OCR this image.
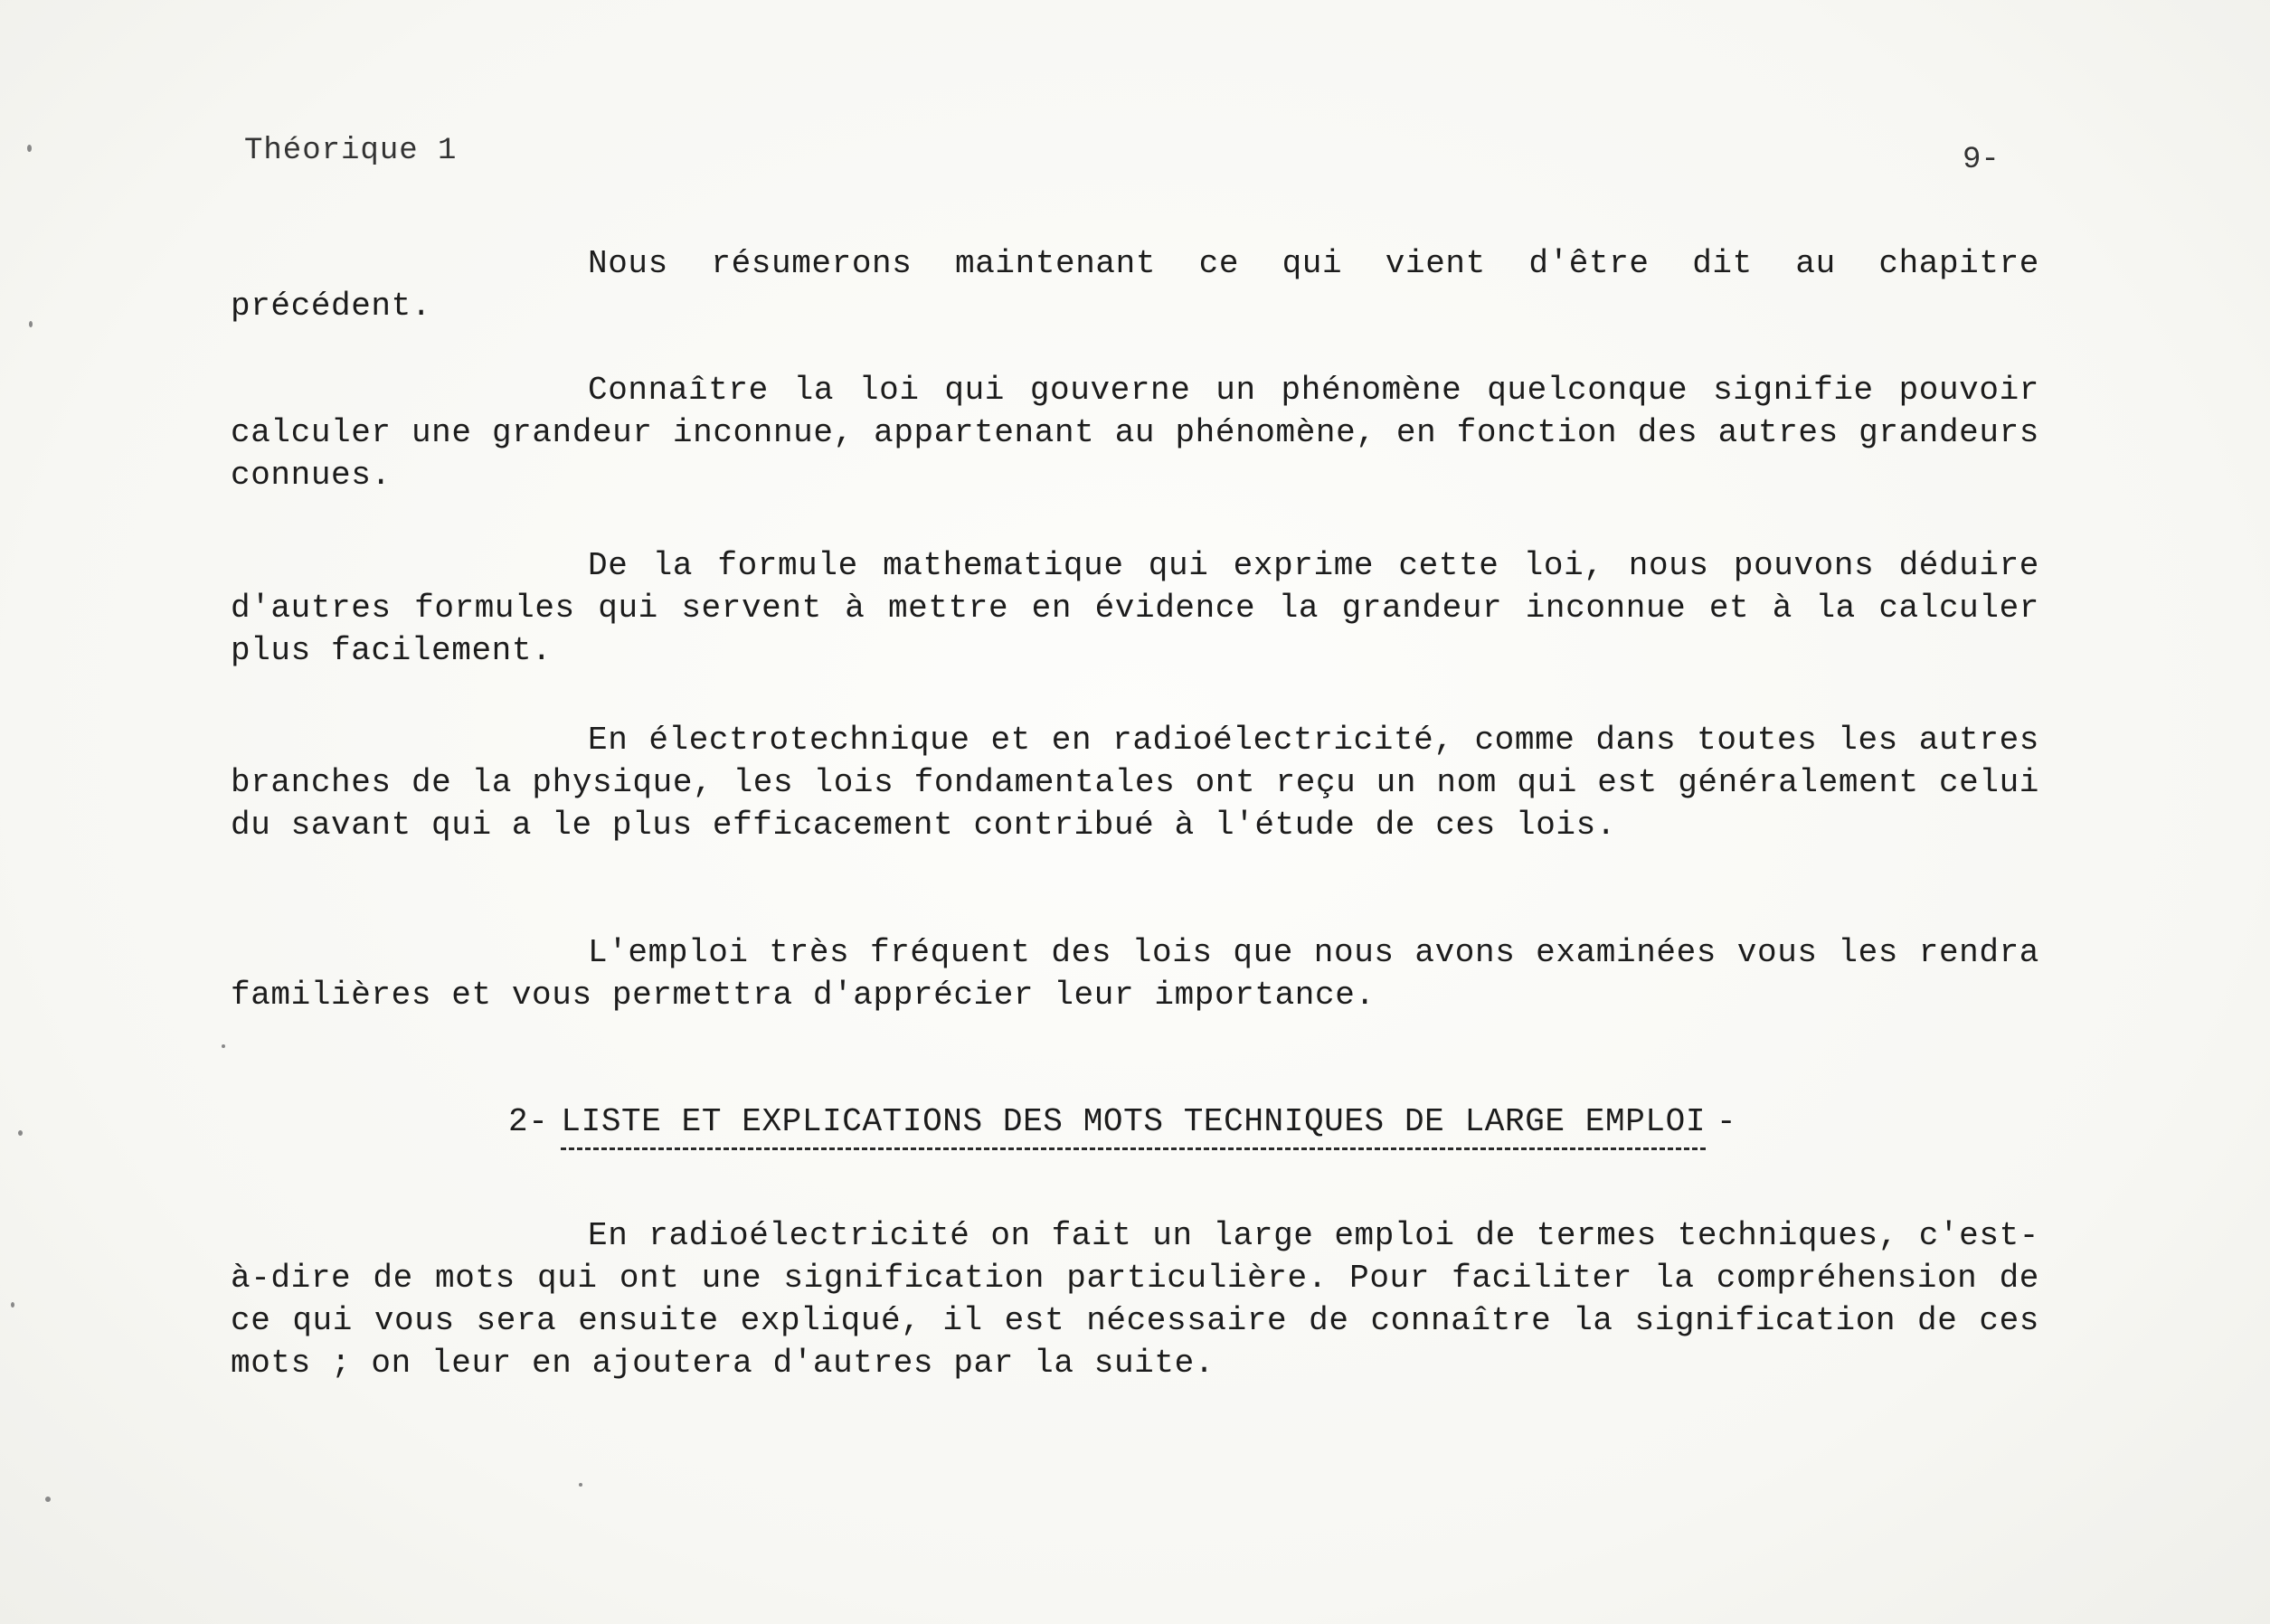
Théorique 1	9-

Nous résumerons maintenant ce qui vient d'être dit au chapitre précédent.

Connaître la loi qui gouverne un phénomène quelconque signifie pouvoir calculer une grandeur inconnue, appartenant au phénomène, en fonction des autres grandeurs connues.

De la formule mathematique qui exprime cette loi, nous pouvons déduire d'autres formules qui servent à mettre en évidence la grandeur inconnue et à la calculer plus facilement.

En électrotechnique et en radioélectricité, comme dans toutes les autres branches de la physique, les lois fondamentales ont reçu un nom qui est généralement celui du savant qui a le plus efficacement contribué à l'étude de ces lois.

L'emploi très fréquent des lois que nous avons examinées vous les rendra familières et vous permettra d'apprécier leur importance.

2- LISTE ET EXPLICATIONS DES MOTS TECHNIQUES DE LARGE EMPLOI -

En radioélectricité on fait un large emploi de termes techniques, c'est-à-dire de mots qui ont une signification particulière. Pour faciliter la compréhension de ce qui vous sera ensuite expliqué, il est nécessaire de connaître la signification de ces mots ; on leur en ajoutera d'autres par la suite.
